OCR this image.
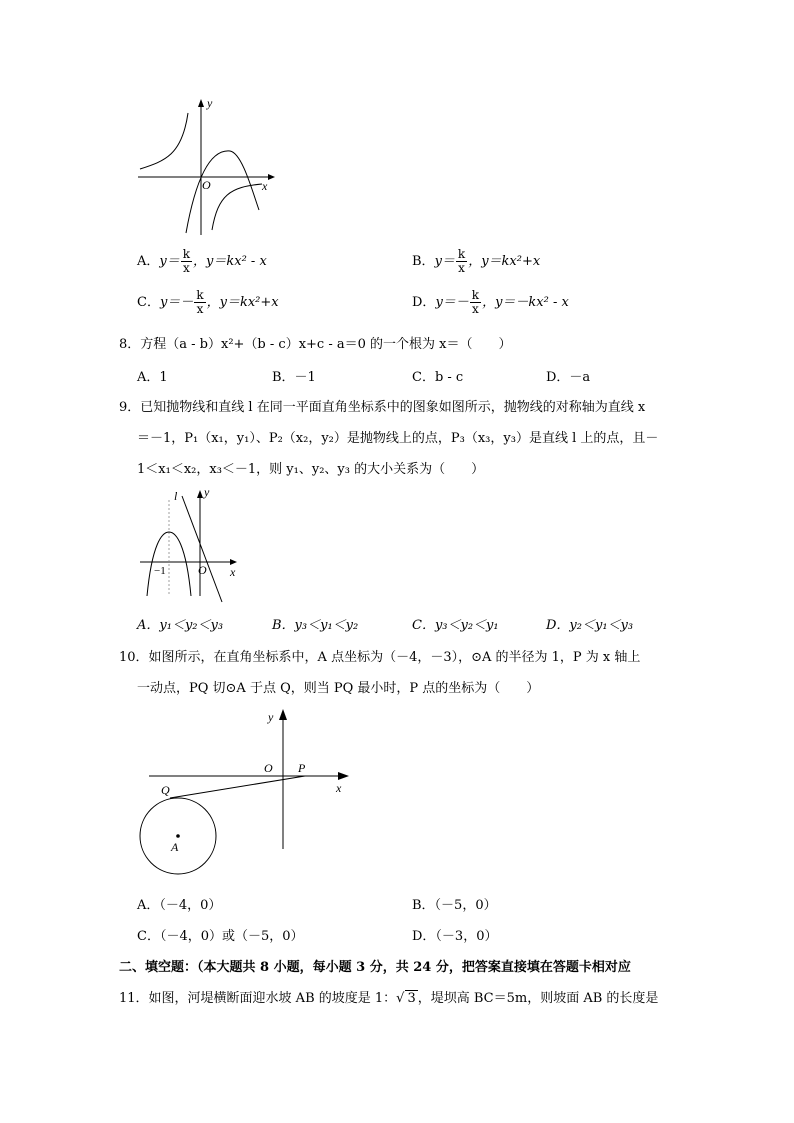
y
x
O
A．$y= \frac{k}{x}$ ，y＝kx² - x	B．$y= \frac{k}{x}$ ，y＝kx²+x
C．$y=- \frac{k}{x}$ ，y＝kx²+x	D．$y=- \frac{k}{x}$ ，y＝－kx² - x
8．方程（a - b）x²+（b - c）x+c - a＝0 的一个根为 x＝（　　）
A．1	B．－1	C．b - c	D．－a
9．已知抛物线和直线 l 在同一平面直角坐标系中的图象如图所示，抛物线的对称轴为直线 x
＝－1，P₁（x₁，y₁）、P₂（x₂，y₂）是抛物线上的点，P₃（x₃，y₃）是直线 l 上的点，且－
1＜x₁＜x₂，x₃＜－1，则 y₁、y₂、y₃ 的大小关系为（　　）
l y
x
O
−1
A．y₁＜y₂＜y₃	B．y₃＜y₁＜y₂	C．y₃＜y₂＜y₁	D．y₂＜y₁＜y₃
10．如图所示，在直角坐标系中，A 点坐标为（－4，－3），⊙A 的半径为 1，P 为 x 轴上
一动点，PQ 切⊙A 于点 Q，则当 PQ 最小时，P 点的坐标为（　　）
y
O P
x
Q
A
A．（－4，0）	B．（－5，0）
C．（－4，0）或（－5，0）	D．（－3，0）
二、填空题：（本大题共 8 小题，每小题 3 分，共 24 分，把答案直接填在答题卡相对应
11．如图，河堤横断面迎水坡 AB 的坡度是 1：√ 3 ，堤坝高 BC＝5m，则坡面 AB 的长度是
